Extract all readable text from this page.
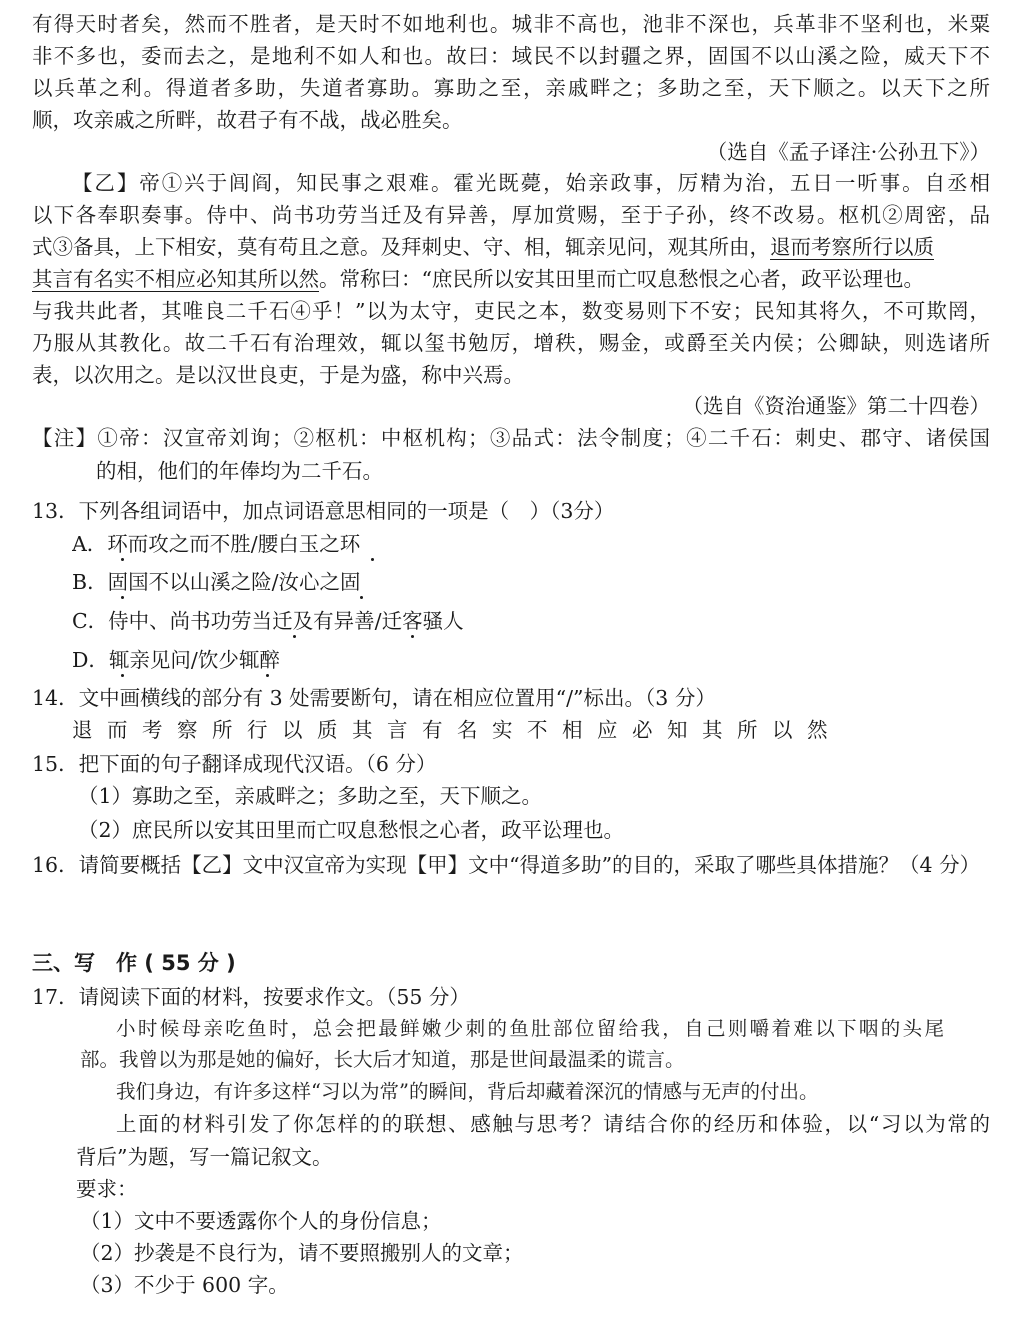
有得天时者矣，然而不胜者，是天时不如地利也。城非不高也，池非不深也，兵革非不坚利也，米粟
非不多也，委而去之，是地利不如人和也。故曰：域民不以封疆之界，固国不以山溪之险，威天下不
以兵革之利。得道者多助，失道者寡助。寡助之至，亲戚畔之；多助之至，天下顺之。以天下之所
顺，攻亲戚之所畔，故君子有不战，战必胜矣。
（选自《孟子译注·公孙丑下》）
【乙】帝①兴于闾阎，知民事之艰难。霍光既薨，始亲政事，厉精为治，五日一听事。自丞相
以下各奉职奏事。侍中、尚书功劳当迁及有异善，厚加赏赐，至于子孙，终不改易。枢机②周密，品
式③备具，上下相安，莫有苟且之意。及拜刺史、守、相，辄亲见问，观其所由，退而考察所行以质
其言有名实不相应必知其所以然。常称曰：“庶民所以安其田里而亡叹息愁恨之心者，政平讼理也。
与我共此者，其唯良二千石④乎！”以为太守，吏民之本，数变易则下不安；民知其将久，不可欺罔，
乃服从其教化。故二千石有治理效，辄以玺书勉厉，增秩，赐金，或爵至关内侯；公卿缺，则选诸所
表，以次用之。是以汉世良吏，于是为盛，称中兴焉。
（选自《资治通鉴》第二十四卷）
【注】①帝：汉宣帝刘询；②枢机：中枢机构；③品式：法令制度；④二千石：刺史、郡守、诸侯国
的相，他们的年俸均为二千石。
13．下列各组词语中，加点词语意思相同的一项是（　）（3分）
A．环而攻之而不胜/腰白玉之环
B．固国不以山溪之险/汝心之固
C．侍中、尚书功劳当迁及有异善/迁客骚人
D．辄亲见问/饮少辄醉
14．文中画横线的部分有 3 处需要断句，请在相应位置用“/”标出。（3 分）
退而考察所行以质其言有名实不相应必知其所以然
15．把下面的句子翻译成现代汉语。（6 分）
（1）寡助之至，亲戚畔之；多助之至，天下顺之。
（2）庶民所以安其田里而亡叹息愁恨之心者，政平讼理也。
16．请简要概括【乙】文中汉宣帝为实现【甲】文中“得道多助”的目的，采取了哪些具体措施？（4 分）
三、写　作 ( 55 分 )
17．请阅读下面的材料，按要求作文。（55 分）
小时候母亲吃鱼时，总会把最鲜嫩少刺的鱼肚部位留给我，自己则嚼着难以下咽的头尾
部。我曾以为那是她的偏好，长大后才知道，那是世间最温柔的谎言。
我们身边，有许多这样“习以为常”的瞬间，背后却藏着深沉的情感与无声的付出。
上面的材料引发了你怎样的的联想、感触与思考？请结合你的经历和体验，以“习以为常的
背后”为题，写一篇记叙文。
要求：
（1）文中不要透露你个人的身份信息；
（2）抄袭是不良行为，请不要照搬别人的文章；
（3）不少于 600 字。
